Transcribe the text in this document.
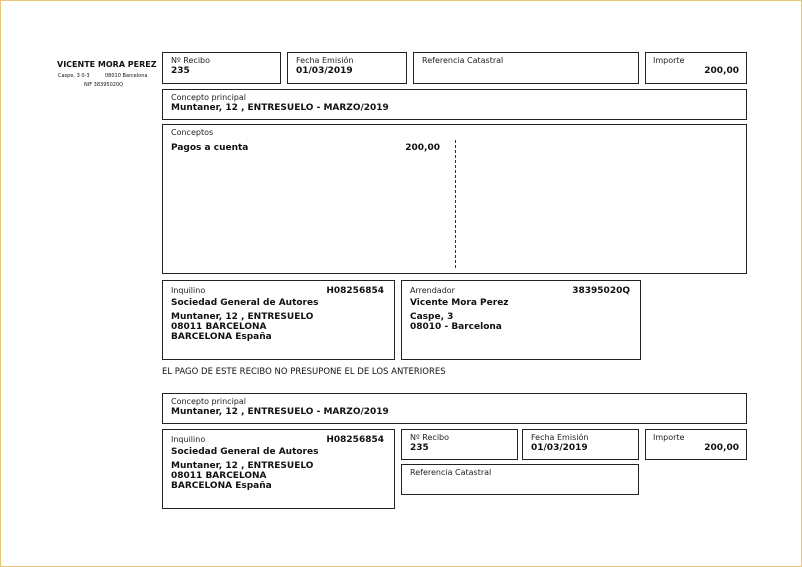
VICENTE MORA PEREZ
Caspe, 3 0-3	08010 Barcelona
NIF 38395020Q
Nº Recibo
235
Fecha Emisión
01/03/2019
Referencia Catastral	Importe
200,00
Concepto principal
Muntaner, 12 , ENTRESUELO - MARZO/2019
Conceptos
Pagos a cuenta	200,00
Inquilino	H08256854
Sociedad General de Autores
Muntaner, 12 , ENTRESUELO
08011 BARCELONA
BARCELONA España
Arrendador	38395020Q
Vicente Mora Perez
Caspe, 3
08010 - Barcelona
EL PAGO DE ESTE RECIBO NO PRESUPONE EL DE LOS ANTERIORES
Concepto principal
Muntaner, 12 , ENTRESUELO - MARZO/2019
Inquilino	H08256854
Sociedad General de Autores
Muntaner, 12 , ENTRESUELO
08011 BARCELONA
BARCELONA España
Nº Recibo
235
Fecha Emisión
01/03/2019
Importe
200,00
Referencia Catastral
